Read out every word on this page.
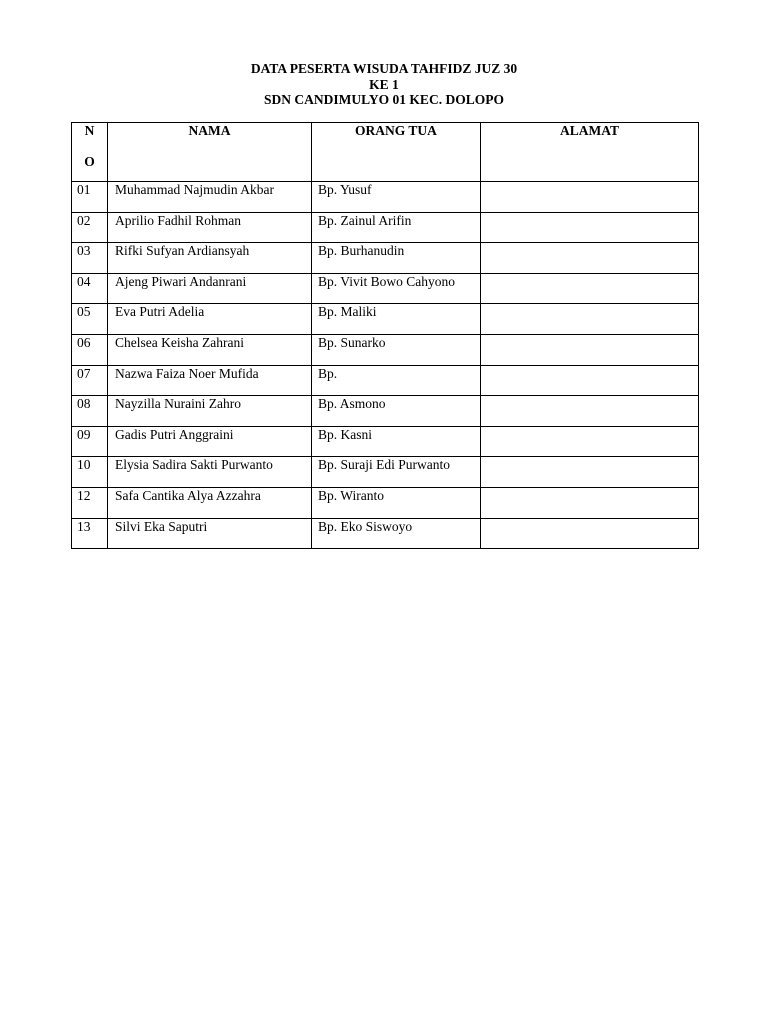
DATA PESERTA WISUDA TAHFIDZ JUZ 30
KE 1
SDN CANDIMULYO 01 KEC. DOLOPO
N
O	NAMA	ORANG TUA	ALAMAT

01	Muhammad Najmudin Akbar	Bp. Yusuf	

02	Aprilio Fadhil Rohman	Bp. Zainul Arifin	

03	Rifki Sufyan Ardiansyah	Bp. Burhanudin	

04	Ajeng Piwari Andanrani	Bp. Vivit Bowo Cahyono	

05	Eva Putri Adelia	Bp. Maliki	

06	Chelsea Keisha Zahrani	Bp. Sunarko	

07	Nazwa Faiza Noer Mufida	Bp.	

08	Nayzilla Nuraini Zahro	Bp. Asmono	

09	Gadis Putri Anggraini	Bp. Kasni	

10	Elysia Sadira Sakti Purwanto	Bp. Suraji Edi Purwanto	

12	Safa Cantika Alya Azzahra	Bp. Wiranto	

13	Silvi Eka Saputri	Bp. Eko Siswoyo	
